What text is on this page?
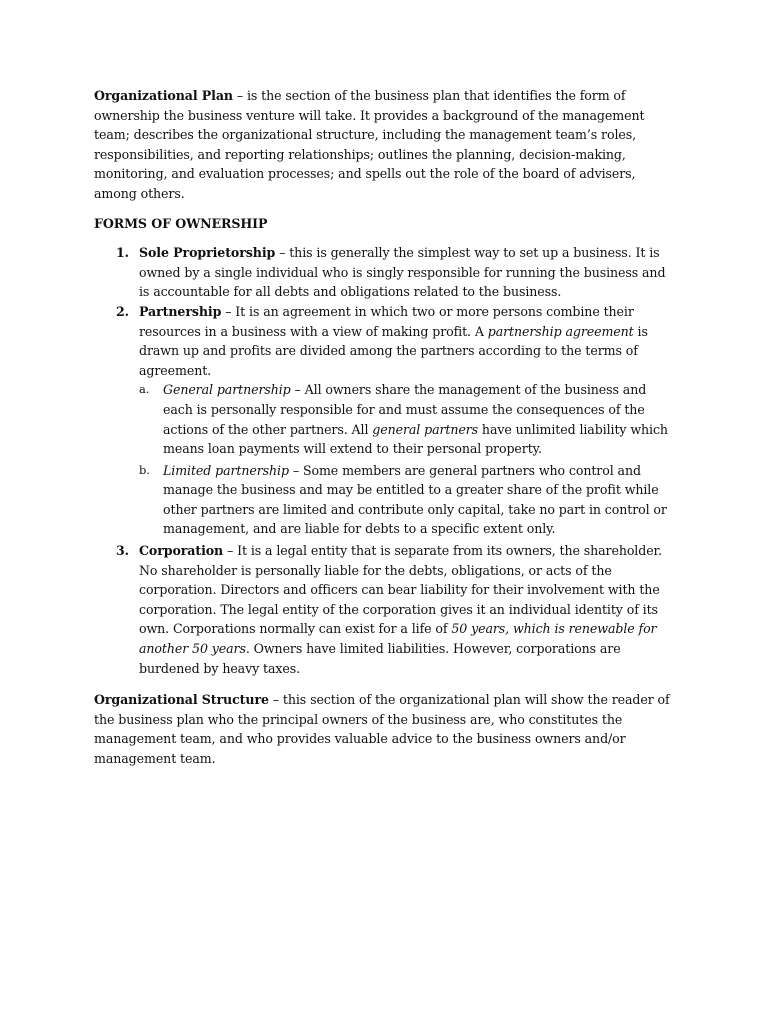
Organizational Plan – is the section of the business plan that identifies the form of ownership the business venture will take. It provides a background of the management team; describes the organizational structure, including the management team’s roles, responsibilities, and reporting relationships; outlines the planning, decision-making, monitoring, and evaluation processes; and spells out the role of the board of advisers, among others.

FORMS OF OWNERSHIP

1. Sole Proprietorship – this is generally the simplest way to set up a business. It is owned by a single individual who is singly responsible for running the business and is accountable for all debts and obligations related to the business.
2. Partnership – It is an agreement in which two or more persons combine their resources in a business with a view of making profit. A partnership agreement is drawn up and profits are divided among the partners according to the terms of agreement.
a. General partnership – All owners share the management of the business and each is personally responsible for and must assume the consequences of the actions of the other partners. All general partners have unlimited liability which means loan payments will extend to their personal property.
b. Limited partnership – Some members are general partners who control and manage the business and may be entitled to a greater share of the profit while other partners are limited and contribute only capital, take no part in control or management, and are liable for debts to a specific extent only.
3. Corporation – It is a legal entity that is separate from its owners, the shareholder. No shareholder is personally liable for the debts, obligations, or acts of the corporation. Directors and officers can bear liability for their involvement with the corporation. The legal entity of the corporation gives it an individual identity of its own. Corporations normally can exist for a life of 50 years, which is renewable for another 50 years. Owners have limited liabilities. However, corporations are burdened by heavy taxes.

Organizational Structure – this section of the organizational plan will show the reader of the business plan who the principal owners of the business are, who constitutes the management team, and who provides valuable advice to the business owners and/or management team.
